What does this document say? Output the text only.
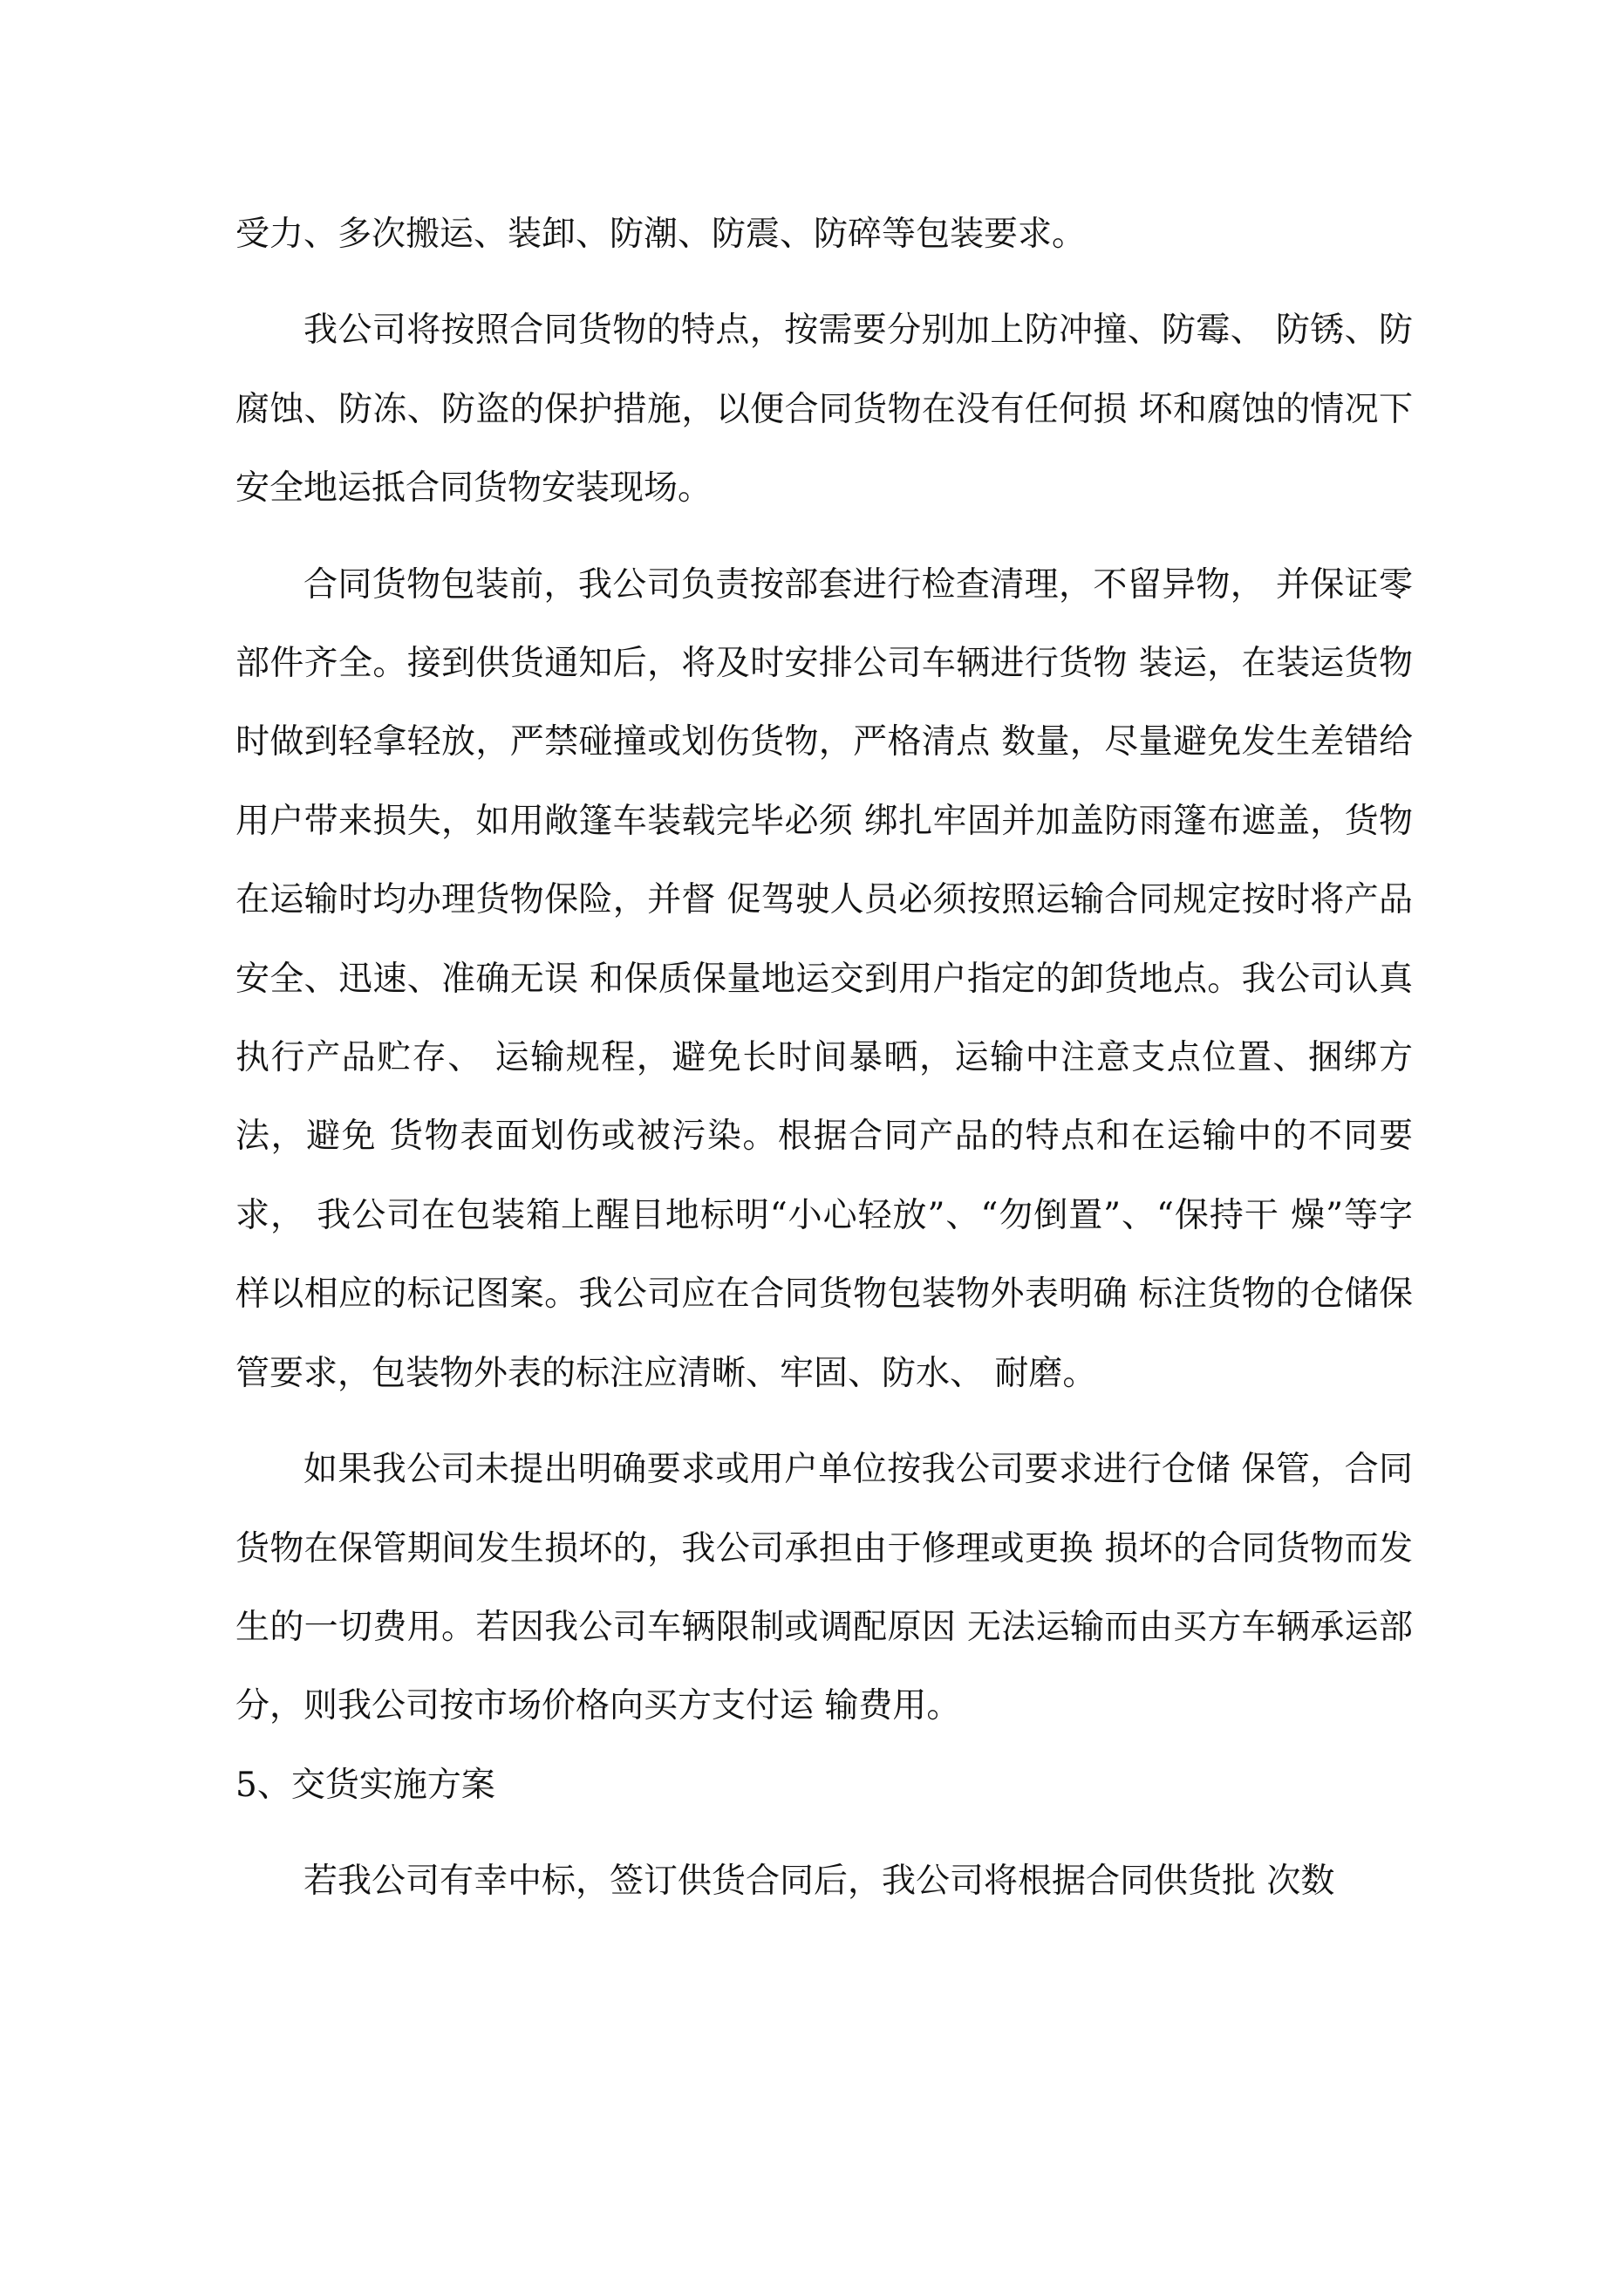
受力、多次搬运、装卸、防潮、防震、防碎等包装要求。

我公司将按照合同货物的特点，按需要分别加上防冲撞、防霉、 防锈、防腐蚀、防冻、防盗的保护措施，以便合同货物在没有任何损 坏和腐蚀的情况下安全地运抵合同货物安装现场。

合同货物包装前，我公司负责按部套进行检查清理，不留异物， 并保证零部件齐全。接到供货通知后，将及时安排公司车辆进行货物 装运，在装运货物时做到轻拿轻放，严禁碰撞或划伤货物，严格清点 数量，尽量避免发生差错给用户带来损失，如用敞篷车装载完毕必须 绑扎牢固并加盖防雨篷布遮盖，货物在运输时均办理货物保险，并督 促驾驶人员必须按照运输合同规定按时将产品安全、迅速、准确无误 和保质保量地运交到用户指定的卸货地点。我公司认真执行产品贮存、 运输规程，避免长时间暴晒，运输中注意支点位置、捆绑方法，避免 货物表面划伤或被污染。根据合同产品的特点和在运输中的不同要求， 我公司在包装箱上醒目地标明“小心轻放”、“勿倒置”、“保持干 燥”等字样以相应的标记图案。我公司应在合同货物包装物外表明确 标注货物的仓储保管要求，包装物外表的标注应清晰、牢固、防水、 耐磨。

如果我公司未提出明确要求或用户单位按我公司要求进行仓储 保管，合同货物在保管期间发生损坏的，我公司承担由于修理或更换 损坏的合同货物而发生的一切费用。若因我公司车辆限制或调配原因 无法运输而由买方车辆承运部分，则我公司按市场价格向买方支付运 输费用。

5、交货实施方案

若我公司有幸中标，签订供货合同后，我公司将根据合同供货批 次数
